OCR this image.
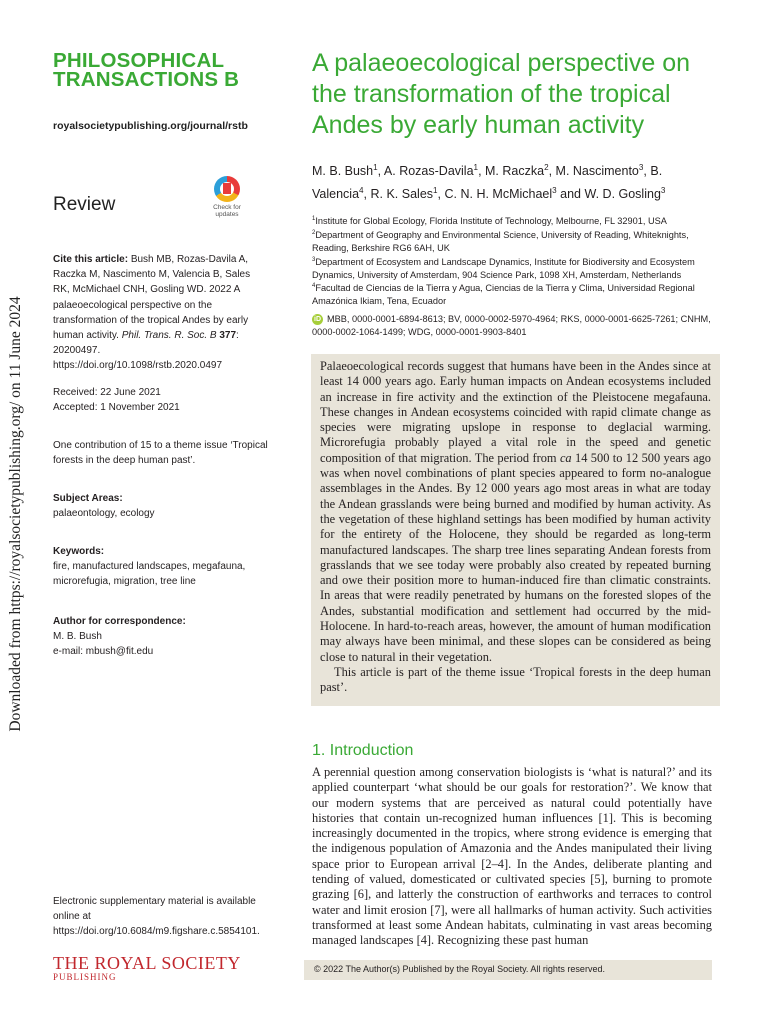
Downloaded from https://royalsocietypublishing.org/ on 11 June 2024
PHILOSOPHICAL
TRANSACTIONS B
royalsocietypublishing.org/journal/rstb
Review	Check for
updates
Cite this article: Bush MB, Rozas-Davila A, Raczka M, Nascimento M, Valencia B, Sales RK, McMichael CNH, Gosling WD. 2022 A palaeoecological perspective on the transformation of the tropical Andes by early human activity. Phil. Trans. R. Soc. B 377: 20200497. https://doi.org/10.1098/rstb.2020.0497
Received: 22 June 2021
Accepted: 1 November 2021
One contribution of 15 to a theme issue ‘Tropical forests in the deep human past’.
Subject Areas:
palaeontology, ecology
Keywords:
fire, manufactured landscapes, megafauna, microrefugia, migration, tree line
Author for correspondence:
M. B. Bush
e-mail: mbush@fit.edu
Electronic supplementary material is available online at https://doi.org/10.6084/m9.figshare.c.5854101.
THE ROYAL SOCIETY
PUBLISHING
A palaeoecological perspective on the transformation of the tropical Andes by early human activity
M. B. Bush$^1$, A. Rozas-Davila$^1$, M. Raczka$^2$, M. Nascimento$^3$, B. Valencia$^4$, R. K. Sales$^1$, C. N. H. McMichael$^3$ and W. D. Gosling$^3$
$^1$Institute for Global Ecology, Florida Institute of Technology, Melbourne, FL 32901, USA
$^2$Department of Geography and Environmental Science, University of Reading, Whiteknights, Reading, Berkshire RG6 6AH, UK
$^3$Department of Ecosystem and Landscape Dynamics, Institute for Biodiversity and Ecosystem Dynamics, University of Amsterdam, 904 Science Park, 1098 XH, Amsterdam, Netherlands
$^4$Facultad de Ciencias de la Tierra y Agua, Ciencias de la Tierra y Clima, Universidad Regional Amazónica Ikiam, Tena, Ecuador
iD MBB, 0000-0001-6894-8613; BV, 0000-0002-5970-4964; RKS, 0000-0001-6625-7261; CNHM, 0000-0002-1064-1499; WDG, 0000-0001-9903-8401

Palaeoecological records suggest that humans have been in the Andes since at least 14 000 years ago. Early human impacts on Andean ecosystems included an increase in fire activity and the extinction of the Pleistocene megafauna. These changes in Andean ecosystems coincided with rapid climate change as species were migrating upslope in response to deglacial warming. Microrefugia probably played a vital role in the speed and genetic composition of that migration. The period from ca 14 500 to 12 500 years ago was when novel combinations of plant species appeared to form no-analogue assemblages in the Andes. By 12 000 years ago most areas in what are today the Andean grasslands were being burned and modified by human activity. As the vegetation of these highland settings has been modified by human activity for the entirety of the Holocene, they should be regarded as long-term manufactured landscapes. The sharp tree lines separating Andean forests from grasslands that we see today were probably also created by repeated burning and owe their position more to human-induced fire than climatic constraints. In areas that were readily penetrated by humans on the forested slopes of the Andes, substantial modification and settlement had occurred by the mid-Holocene. In hard-to-reach areas, however, the amount of human modification may always have been minimal, and these slopes can be considered as being close to natural in their vegetation.

This article is part of the theme issue ‘Tropical forests in the deep human past’.

1. Introduction

A perennial question among conservation biologists is ‘what is natural?’ and its applied counterpart ‘what should be our goals for restoration?’. We know that our modern systems that are perceived as natural could potentially have histories that contain un-recognized human influences [1]. This is becoming increasingly documented in the tropics, where strong evidence is emerging that the indigenous population of Amazonia and the Andes manipulated their living space prior to European arrival [2–4]. In the Andes, deliberate planting and tending of valued, domesticated or cultivated species [5], burning to promote grazing [6], and latterly the construction of earthworks and terraces to control water and limit erosion [7], were all hallmarks of human activity. Such activities transformed at least some Andean habitats, culminating in vast areas becoming managed landscapes [4]. Recognizing these past human

© 2022 The Author(s) Published by the Royal Society. All rights reserved.
